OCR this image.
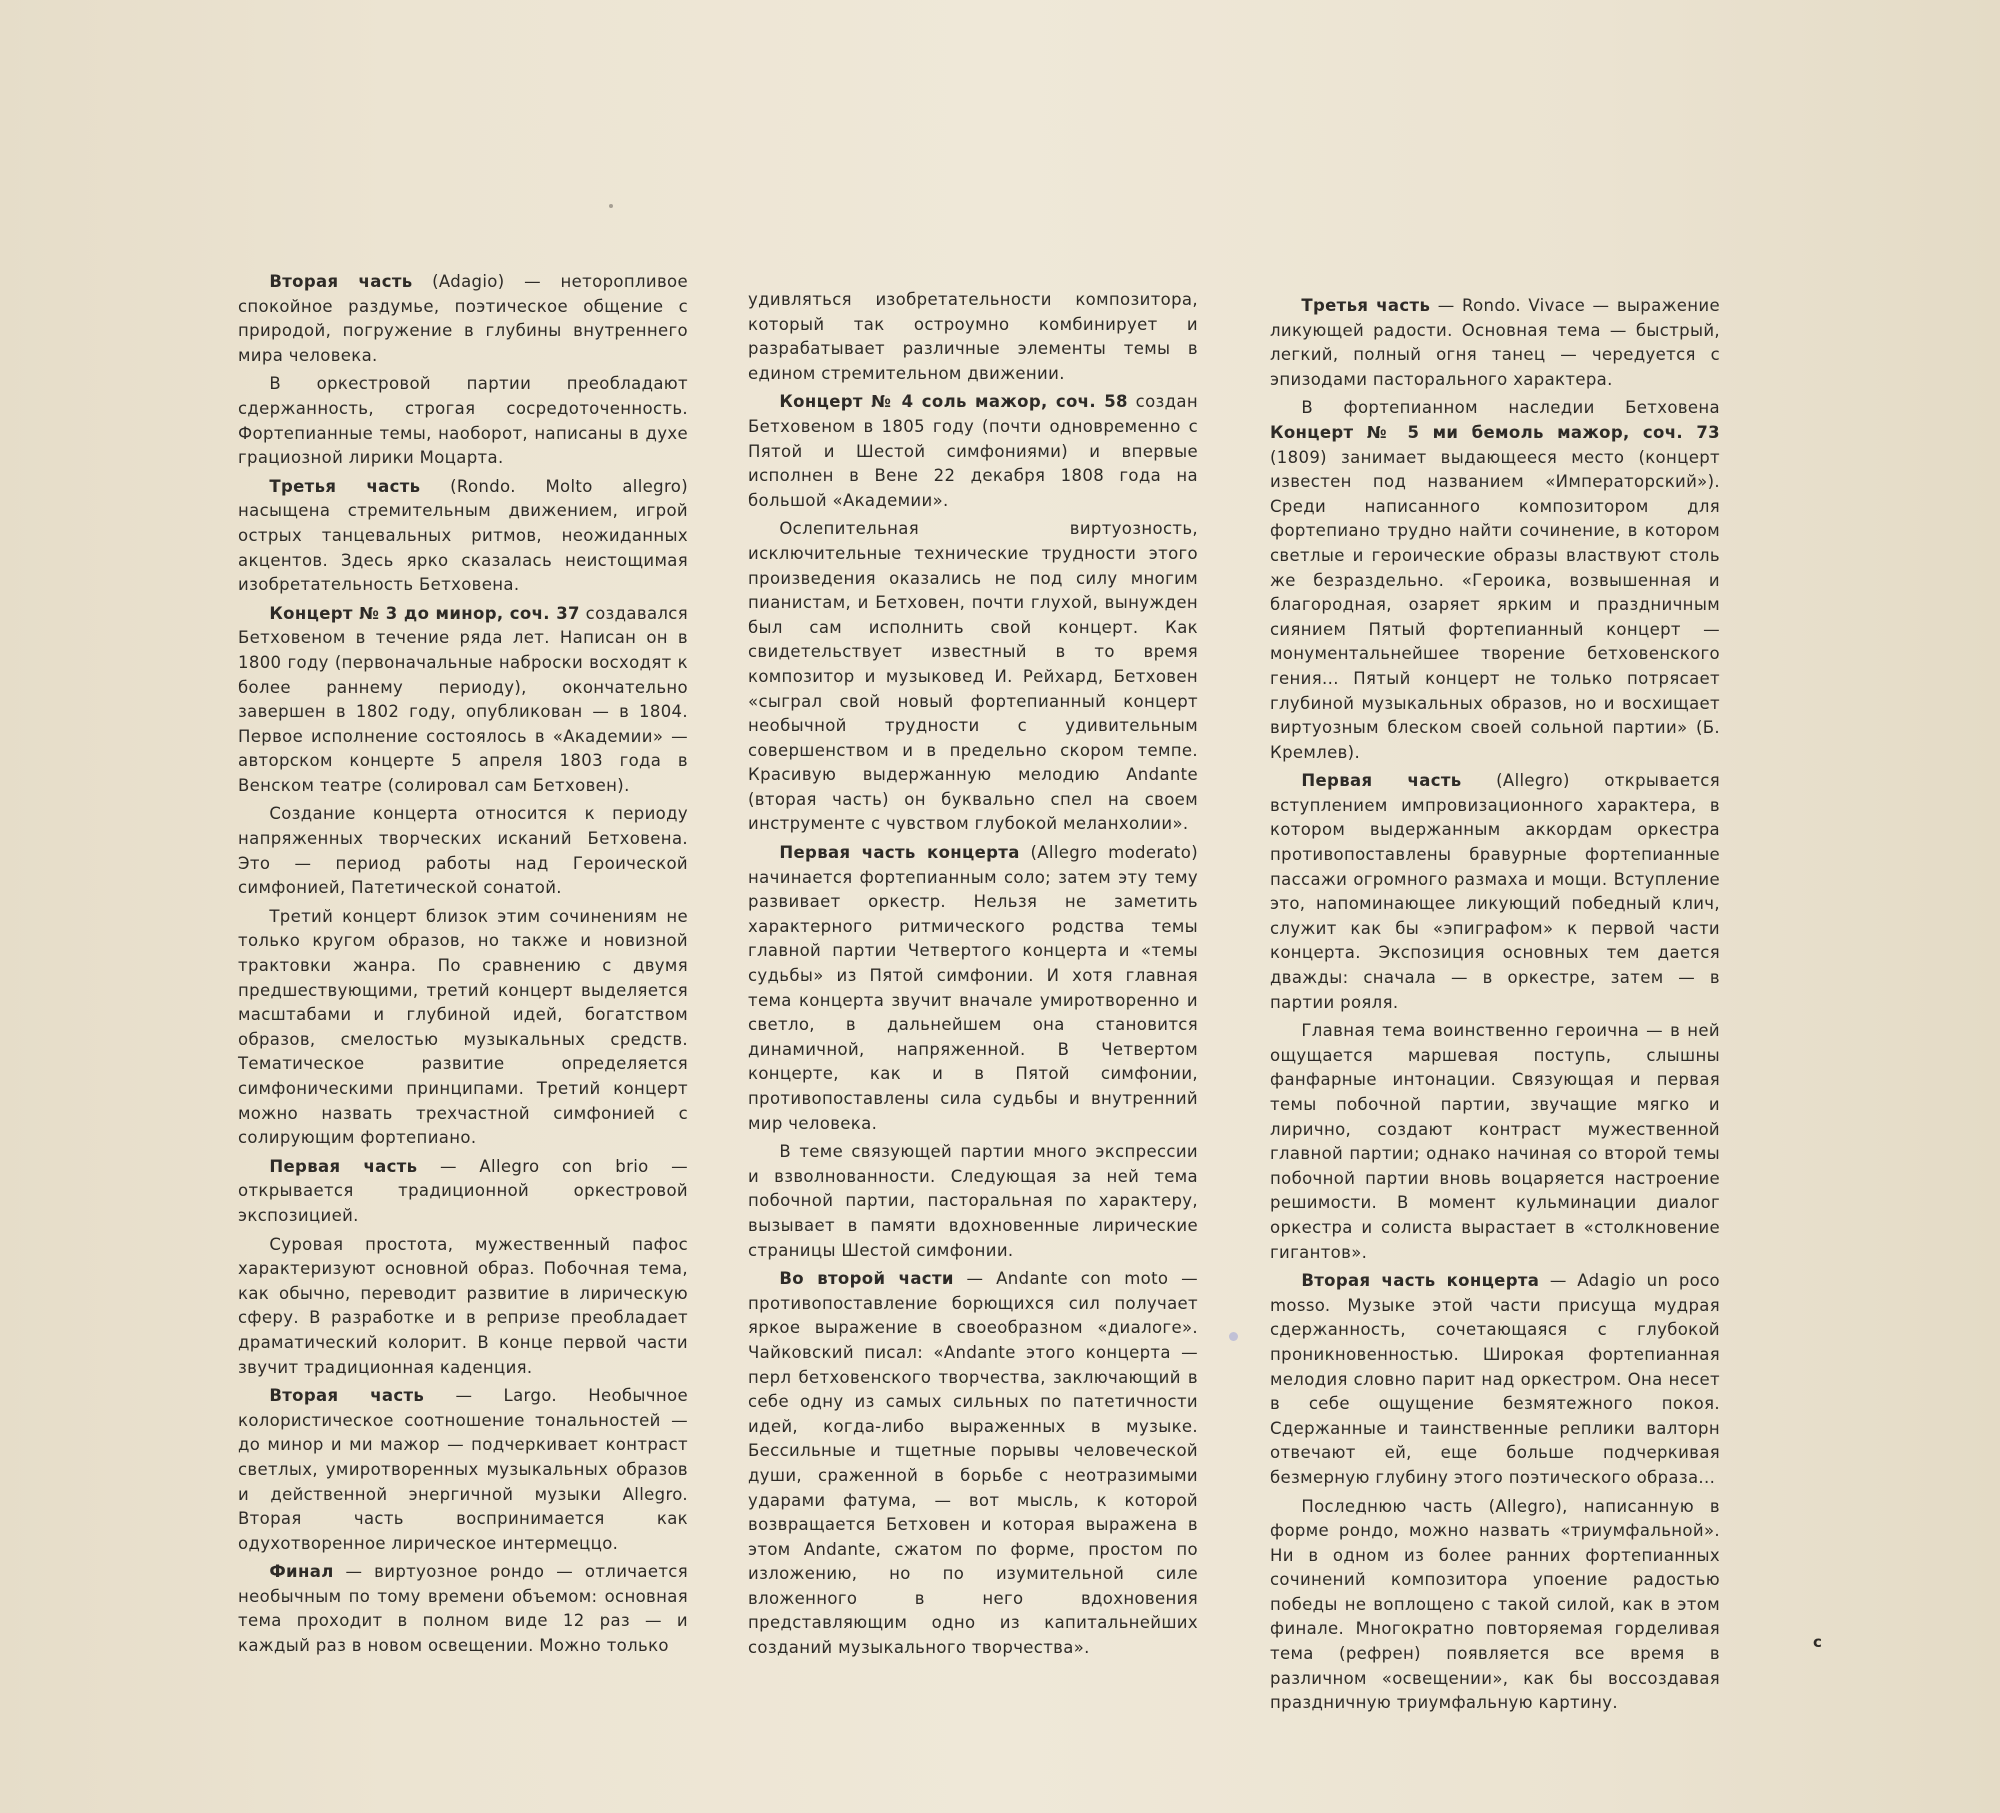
Вторая часть (Adagio) — неторопливое спокойное раздумье, поэтическое общение с природой, погружение в глубины внутреннего мира человека.

В оркестровой партии преобладают сдержанность, строгая сосредоточенность. Фортепианные темы, наоборот, написаны в духе грациозной лирики Моцарта.

Третья часть (Rondo. Molto allegro) насыщена стремительным движением, игрой острых танцевальных ритмов, неожиданных акцентов. Здесь ярко сказалась неистощимая изобретательность Бетховена.

Концерт № 3 до минор, соч. 37 создавался Бетховеном в течение ряда лет. Написан он в 1800 году (первоначальные наброски восходят к более раннему периоду), окончательно завершен в 1802 году, опубликован — в 1804. Первое исполнение состоялось в «Академии» — авторском концерте 5 апреля 1803 года в Венском театре (солировал сам Бетховен).

Создание концерта относится к периоду напряженных творческих исканий Бетховена. Это — период работы над Героической симфонией, Патетической сонатой.

Третий концерт близок этим сочинениям не только кругом образов, но также и новизной трактовки жанра. По сравнению с двумя предшествующими, третий концерт выделяется масштабами и глубиной идей, богатством образов, смелостью музыкальных средств. Тематическое развитие определяется симфоническими принципами. Третий концерт можно назвать трехчастной симфонией с солирующим фортепиано.

Первая часть — Allegro con brio — открывается традиционной оркестровой экспозицией.

Суровая простота, мужественный пафос характеризуют основной образ. Побочная тема, как обычно, переводит развитие в лирическую сферу. В разработке и в репризе преобладает драматический колорит. В конце первой части звучит традиционная каденция.

Вторая часть — Largo. Необычное колористическое соотношение тональностей — до минор и ми мажор — подчеркивает контраст светлых, умиротворенных музыкальных образов и действенной энергичной музыки Allegro. Вторая часть воспринимается как одухотворенное лирическое интермеццо.

Финал — виртуозное рондо — отличается необычным по тому времени объемом: основная тема проходит в полном виде 12 раз — и каждый раз в новом освещении. Можно только

удивляться изобретательности композитора, который так остроумно комбинирует и разрабатывает различные элементы темы в едином стремительном движении.

Концерт № 4 соль мажор, соч. 58 создан Бетховеном в 1805 году (почти одновременно с Пятой и Шестой симфониями) и впервые исполнен в Вене 22 декабря 1808 года на большой «Академии».

Ослепительная виртуозность, исключительные технические трудности этого произведения оказались не под силу многим пианистам, и Бетховен, почти глухой, вынужден был сам исполнить свой концерт. Как свидетельствует известный в то время композитор и музыковед И. Рейхард, Бетховен «сыграл свой новый фортепианный концерт необычной трудности с удивительным совершенством и в предельно скором темпе. Красивую выдержанную мелодию Andante (вторая часть) он буквально спел на своем инструменте с чувством глубокой меланхолии».

Первая часть концерта (Allegro moderato) начинается фортепианным соло; затем эту тему развивает оркестр. Нельзя не заметить характерного ритмического родства темы главной партии Четвертого концерта и «темы судьбы» из Пятой симфонии. И хотя главная тема концерта звучит вначале умиротворенно и светло, в дальнейшем она становится динамичной, напряженной. В Четвертом концерте, как и в Пятой симфонии, противопоставлены сила судьбы и внутренний мир человека.

В теме связующей партии много экспрессии и взволнованности. Следующая за ней тема побочной партии, пасторальная по характеру, вызывает в памяти вдохновенные лирические страницы Шестой симфонии.

Во второй части — Andante con moto — противопоставление борющихся сил получает яркое выражение в своеобразном «диалоге». Чайковский писал: «Andante этого концерта — перл бетховенского творчества, заключающий в себе одну из самых сильных по патетичности идей, когда-либо выраженных в музыке. Бессильные и тщетные порывы человеческой души, сраженной в борьбе с неотразимыми ударами фатума, — вот мысль, к которой возвращается Бетховен и которая выражена в этом Andante, сжатом по форме, простом по изложению, но по изумительной силе вложенного в него вдохновения представляющим одно из капитальнейших созданий музыкального творчества».

Третья часть — Rondo. Vivace — выражение ликующей радости. Основная тема — быстрый, легкий, полный огня танец — чередуется с эпизодами пасторального характера.

В фортепианном наследии Бетховена Концерт № 5 ми бемоль мажор, соч. 73 (1809) занимает выдающееся место (концерт известен под названием «Императорский»). Среди написанного композитором для фортепиано трудно найти сочинение, в котором светлые и героические образы властвуют столь же безраздельно. «Героика, возвышенная и благородная, озаряет ярким и праздничным сиянием Пятый фортепианный концерт — монументальнейшее творение бетховенского гения... Пятый концерт не только потрясает глубиной музыкальных образов, но и восхищает виртуозным блеском своей сольной партии» (Б. Кремлев).

Первая часть (Allegro) открывается вступлением импровизационного характера, в котором выдержанным аккордам оркестра противопоставлены бравурные фортепианные пассажи огромного размаха и мощи. Вступление это, напоминающее ликующий победный клич, служит как бы «эпиграфом» к первой части концерта. Экспозиция основных тем дается дважды: сначала — в оркестре, затем — в партии рояля.

Главная тема воинственно героична — в ней ощущается маршевая поступь, слышны фанфарные интонации. Связующая и первая темы побочной партии, звучащие мягко и лирично, создают контраст мужественной главной партии; однако начиная со второй темы побочной партии вновь воцаряется настроение решимости. В момент кульминации диалог оркестра и солиста вырастает в «столкновение гигантов».

Вторая часть концерта — Adagio un poco mosso. Музыке этой части присуща мудрая сдержанность, сочетающаяся с глубокой проникновенностью. Широкая фортепианная мелодия словно парит над оркестром. Она несет в себе ощущение безмятежного покоя. Сдержанные и таинственные реплики валторн отвечают ей, еще больше подчеркивая безмерную глубину этого поэтического образа...

Последнюю часть (Allegro), написанную в форме рондо, можно назвать «триумфальной». Ни в одном из более ранних фортепианных сочинений композитора упоение радостью победы не воплощено с такой силой, как в этом финале. Многократно повторяемая горделивая тема (рефрен) появляется все время в различном «освещении», как бы воссоздавая праздничную триумфальную картину.

с
